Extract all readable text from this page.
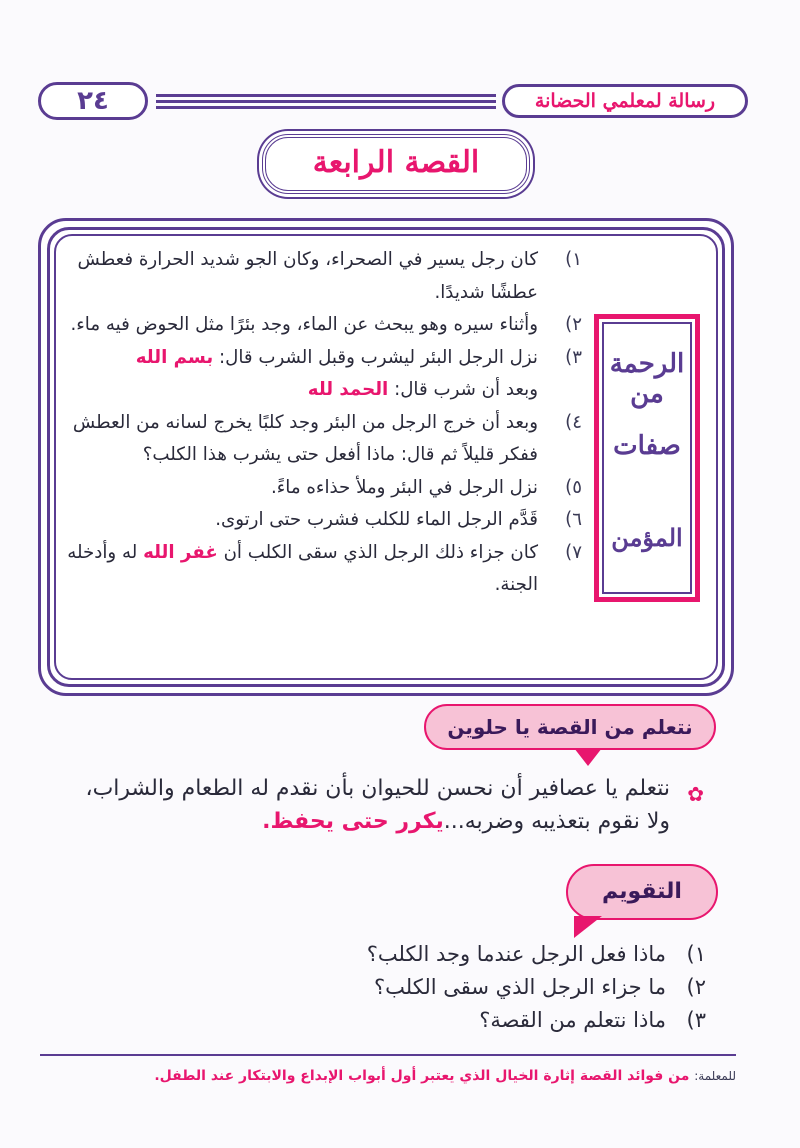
رسالة لمعلمي الحضانة
٢٤
القصة الرابعة
الرحمة من
صفات
المؤمن
١)
كان رجل يسير في الصحراء، وكان الجو شديد الحرارة فعطش عطشًا شديدًا.
٢)
وأثناء سيره وهو يبحث عن الماء، وجد بئرًا مثل الحوض فيه ماء.
٣)
نزل الرجل البئر ليشرب وقبل الشرب قال: بسم الله
وبعد أن شرب قال: الحمد لله
٤)
وبعد أن خرج الرجل من البئر وجد كلبًا يخرج لسانه من العطش ففكر قليلاً ثم قال: ماذا أفعل حتى يشرب هذا الكلب؟
٥)
نزل الرجل في البئر وملأ حذاءه ماءً.
٦)
قَدَّم الرجل الماء للكلب فشرب حتى ارتوى.
٧)
كان جزاء ذلك الرجل الذي سقى الكلب أن غفر الله له وأدخله الجنة.
نتعلم من القصة يا حلوين
✿
نتعلم يا عصافير أن نحسن للحيوان بأن نقدم له الطعام والشراب، ولا نقوم بتعذيبه وضربه...يكرر حتى يحفظ.
التقويم
١)
ماذا فعل الرجل عندما وجد الكلب؟
٢)
ما جزاء الرجل الذي سقى الكلب؟
٣)
ماذا نتعلم من القصة؟
للمعلمة: من فوائد القصة إثارة الخيال الذي يعتبر أول أبواب الإبداع والابتكار عند الطفل.
